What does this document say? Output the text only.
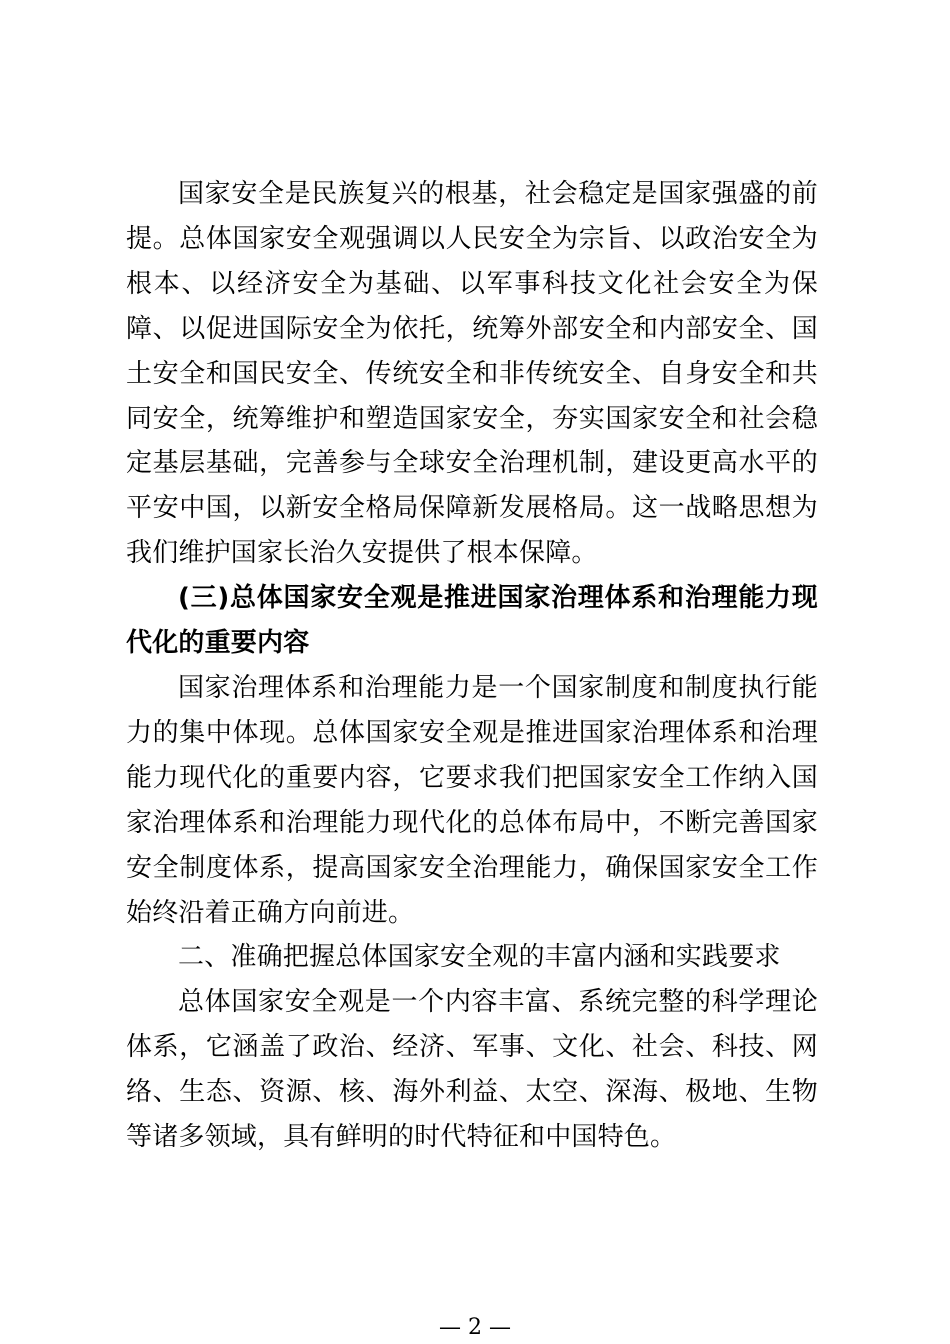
国家安全是民族复兴的根基，社会稳定是国家强盛的前提。总体国家安全观强调以人民安全为宗旨、以政治安全为根本、以经济安全为基础、以军事科技文化社会安全为保障、以促进国际安全为依托，统筹外部安全和内部安全、国土安全和国民安全、传统安全和非传统安全、自身安全和共同安全，统筹维护和塑造国家安全，夯实国家安全和社会稳定基层基础，完善参与全球安全治理机制，建设更高水平的平安中国，以新安全格局保障新发展格局。这一战略思想为我们维护国家长治久安提供了根本保障。

(三)总体国家安全观是推进国家治理体系和治理能力现代化的重要内容

国家治理体系和治理能力是一个国家制度和制度执行能力的集中体现。总体国家安全观是推进国家治理体系和治理能力现代化的重要内容，它要求我们把国家安全工作纳入国家治理体系和治理能力现代化的总体布局中，不断完善国家安全制度体系，提高国家安全治理能力，确保国家安全工作始终沿着正确方向前进。

二、准确把握总体国家安全观的丰富内涵和实践要求

总体国家安全观是一个内容丰富、系统完整的科学理论体系，它涵盖了政治、经济、军事、文化、社会、科技、网络、生态、资源、核、海外利益、太空、深海、极地、生物等诸多领域，具有鲜明的时代特征和中国特色。

— 2 —
